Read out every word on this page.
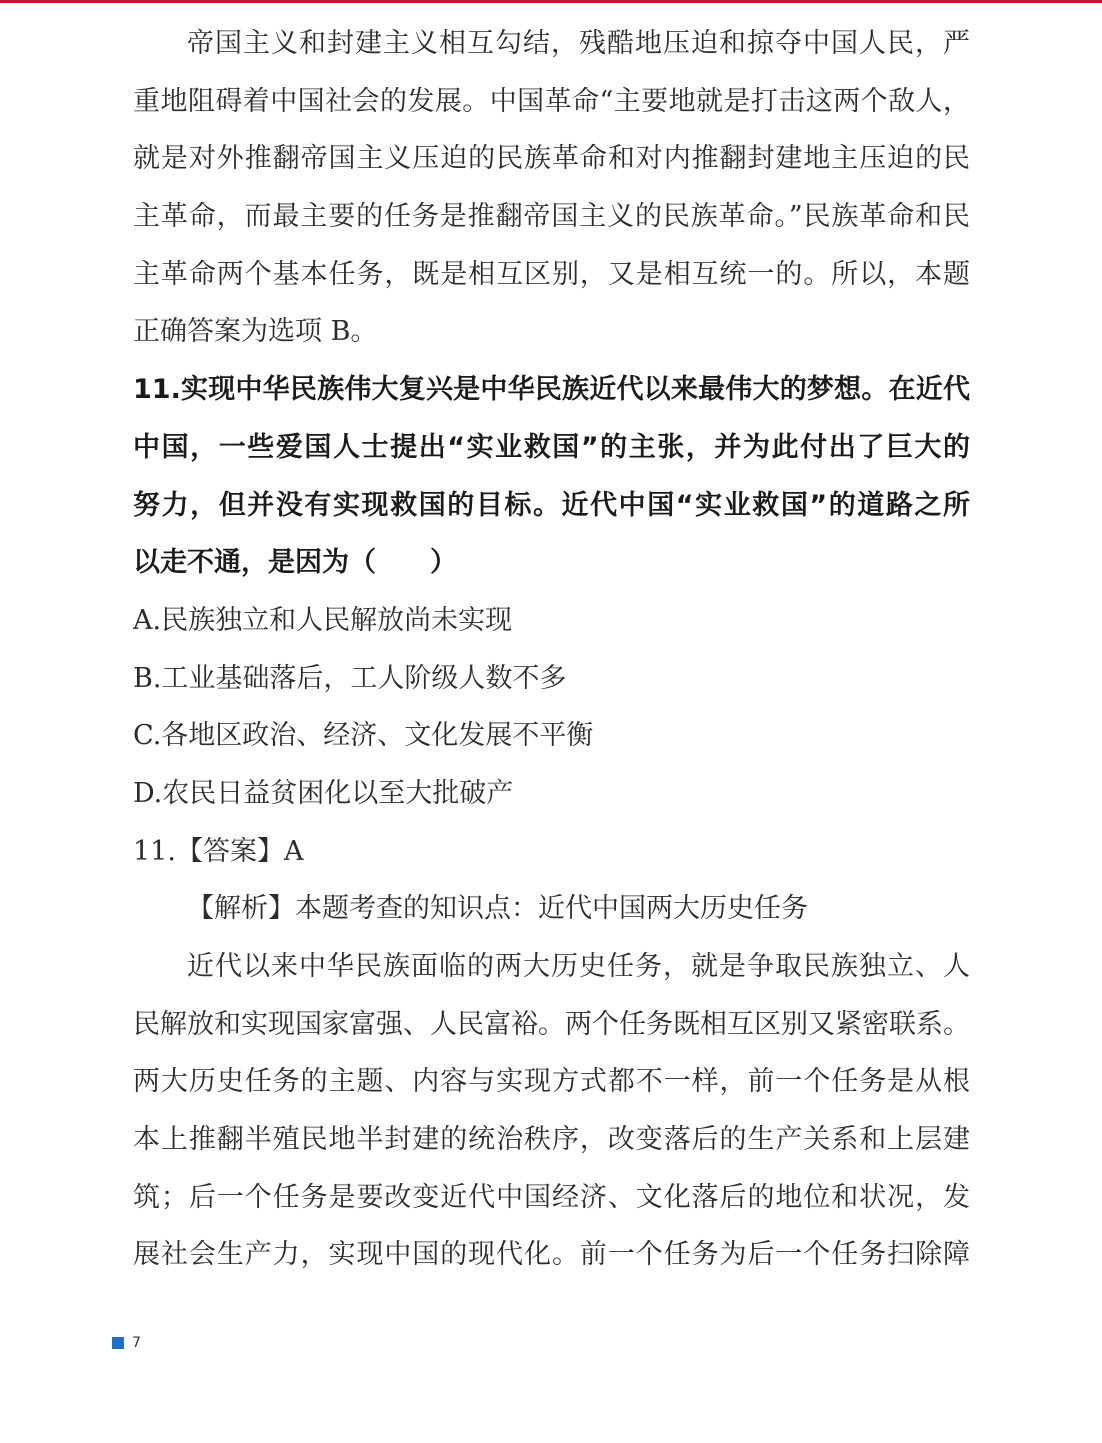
帝国主义和封建主义相互勾结，残酷地压迫和掠夺中国人民，严
重地阻碍着中国社会的发展。中国革命“主要地就是打击这两个敌人，
就是对外推翻帝国主义压迫的民族革命和对内推翻封建地主压迫的民
主革命，而最主要的任务是推翻帝国主义的民族革命。”民族革命和民
主革命两个基本任务，既是相互区别，又是相互统一的。所以，本题
正确答案为选项 B。
11.实现中华民族伟大复兴是中华民族近代以来最伟大的梦想。在近代
中国，一些爱国人士提出“实业救国”的主张，并为此付出了巨大的
努力，但并没有实现救国的目标。近代中国“实业救国”的道路之所
以走不通，是因为（　　）
A.民族独立和人民解放尚未实现
B.工业基础落后，工人阶级人数不多
C.各地区政治、经济、文化发展不平衡
D.农民日益贫困化以至大批破产
11.【答案】A
【解析】本题考查的知识点：近代中国两大历史任务
近代以来中华民族面临的两大历史任务，就是争取民族独立、人
民解放和实现国家富强、人民富裕。两个任务既相互区别又紧密联系。
两大历史任务的主题、内容与实现方式都不一样，前一个任务是从根
本上推翻半殖民地半封建的统治秩序，改变落后的生产关系和上层建
筑；后一个任务是要改变近代中国经济、文化落后的地位和状况，发
展社会生产力，实现中国的现代化。前一个任务为后一个任务扫除障
7
